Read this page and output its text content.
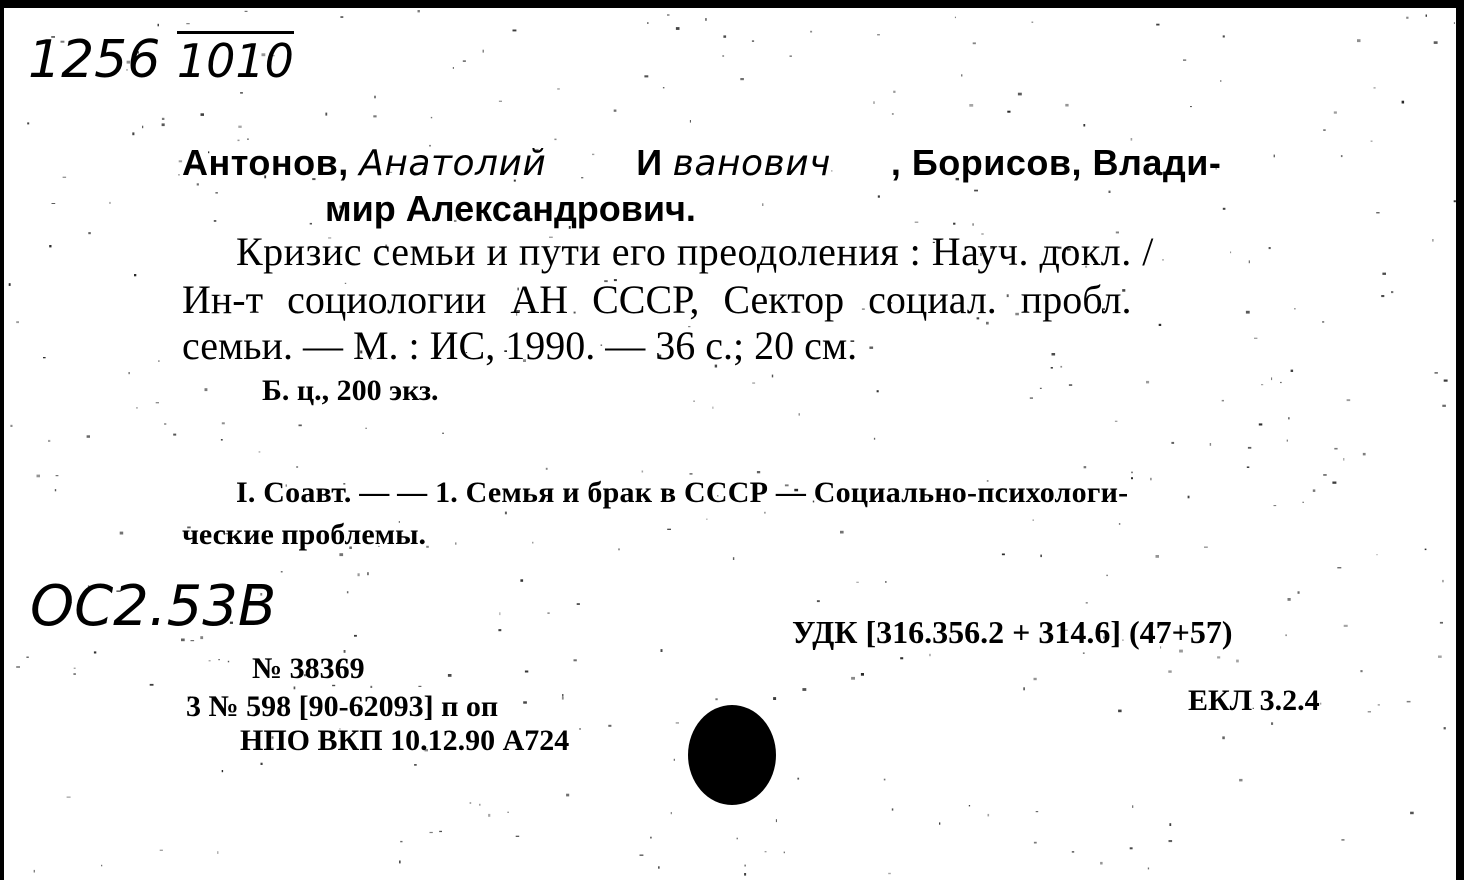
1256 1010
Антонов, Анатолий	И ванович , Борисов, Влади-
мир Александрович.
Кризис семьи и пути его преодоления : Науч. докл. /
Ин-т социологии АН СССР, Сектор социал. пробл.
семьи. — М. : ИС, 1990. — 36 с.; 20 см.
Б. ц., 200 экз.
I. Соавт. — — 1. Семья и брак в СССР — Социально-психологи-
ческие проблемы.
ОС2.53В	УДК [316.356.2 + 314.6] (47+57)
№ 38369
3 № 598 [90-62093] п оп	ЕКЛ 3.2.4
НПО ВКП 10.12.90 А724
